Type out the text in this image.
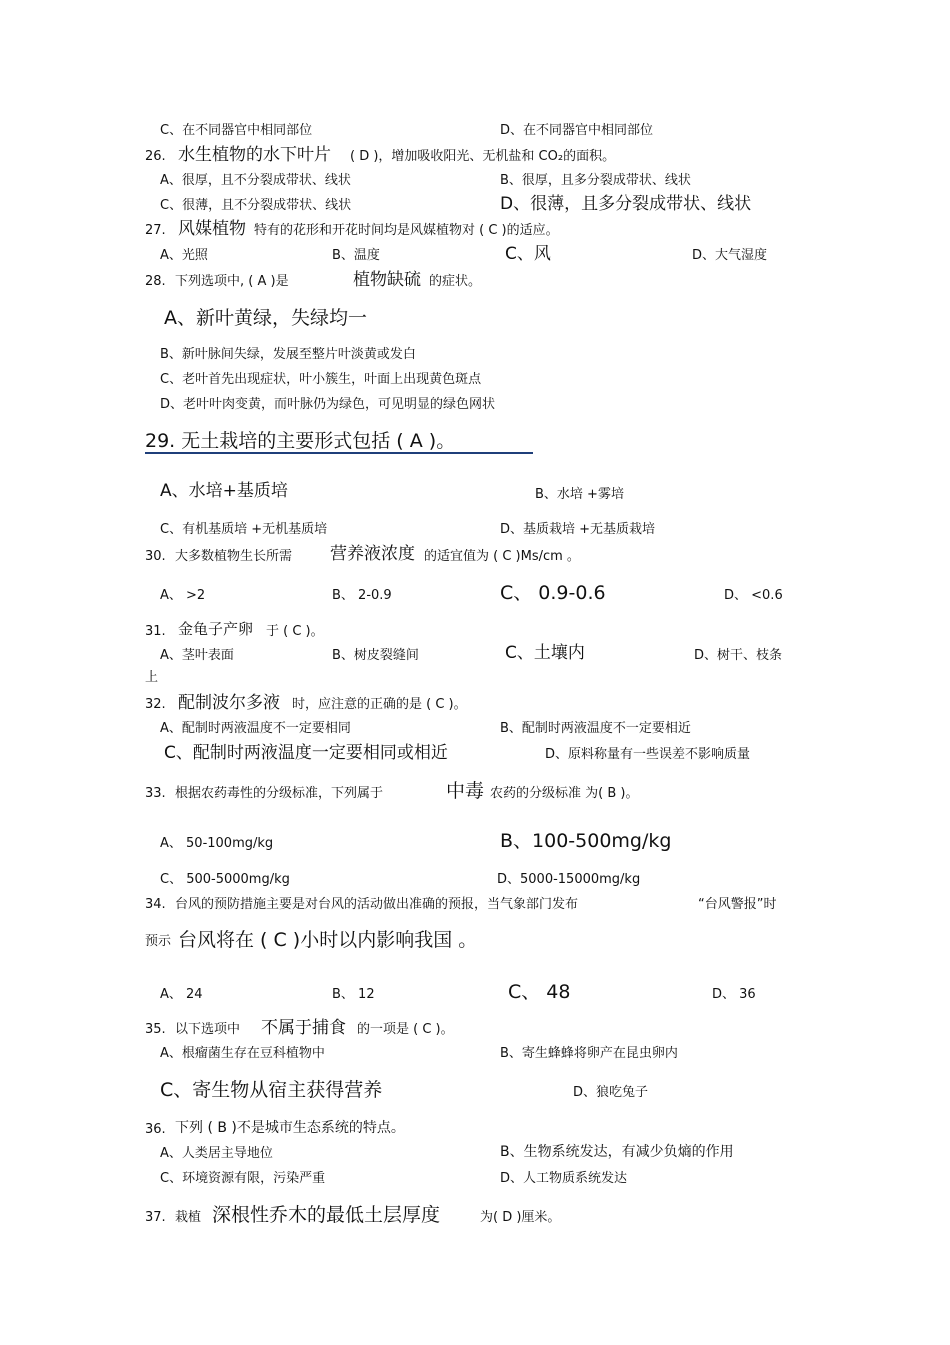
C、在不同器官中相同部位	D、在不同器官中相同部位
26. 水生植物的水下叶片 ( D )，增加吸收阳光、无机盐和 CO₂的面积。
A、很厚，且不分裂成带状、线状	B、很厚，且多分裂成带状、线状
C、很薄，且不分裂成带状、线状	D、很薄，且多分裂成带状、线状
27. 风媒植物 特有的花形和开花时间均是风媒植物对 ( C )的适应。
A、光照	B、温度	C、风	D、大气湿度
28. 下列选项中, ( A )是	植物缺硫 的症状。
A、新叶黄绿，失绿均一
B、新叶脉间失绿，发展至整片叶淡黄或发白
C、老叶首先出现症状，叶小簇生，叶面上出现黄色斑点
D、老叶叶肉变黄，而叶脉仍为绿色，可见明显的绿色网状
29. 无土栽培的主要形式包括 ( A )。
A、水培+基质培	B、水培 +雾培
C、有机基质培 +无机基质培	D、基质栽培 +无基质栽培
30. 大多数植物生长所需 营养液浓度 的适宜值为 ( C )Ms/cm 。
A、 >2	B、 2-0.9	C、 0.9-0.6	D、 <0.6
31. 金龟子产卵 于 ( C )。
A、茎叶表面	B、树皮裂缝间	C、土壤内	D、树干、枝条
上
32. 配制波尔多液 时，应注意的正确的是 ( C )。
A、配制时两液温度不一定要相同	B、配制时两液温度不一定要相近
C、配制时两液温度一定要相同或相近	D、原料称量有一些误差不影响质量
33. 根据农药毒性的分级标准，下列属于	中毒 农药的分级标准 为( B )。
A、 50-100mg/kg	B、100-500mg/kg
C、 500-5000mg/kg	D、5000-15000mg/kg
34. 台风的预防措施主要是对台风的活动做出准确的预报，当气象部门发布	“台风警报”时
预示 台风将在 ( C )小时以内影响我国 。
A、 24	B、 12	C、 48	D、 36
35. 以下选项中 不属于捕食 的一项是 ( C )。
A、根瘤菌生存在豆科植物中	B、寄生蜂蜂将卵产在昆虫卵内
C、寄生物从宿主获得营养	D、狼吃兔子
36. 下列 ( B )不是城市生态系统的特点。
A、人类居主导地位	B、生物系统发达，有减少负熵的作用
C、环境资源有限，污染严重	D、人工物质系统发达
37. 栽植 深根性乔木的最低土层厚度	为( D )厘米。
